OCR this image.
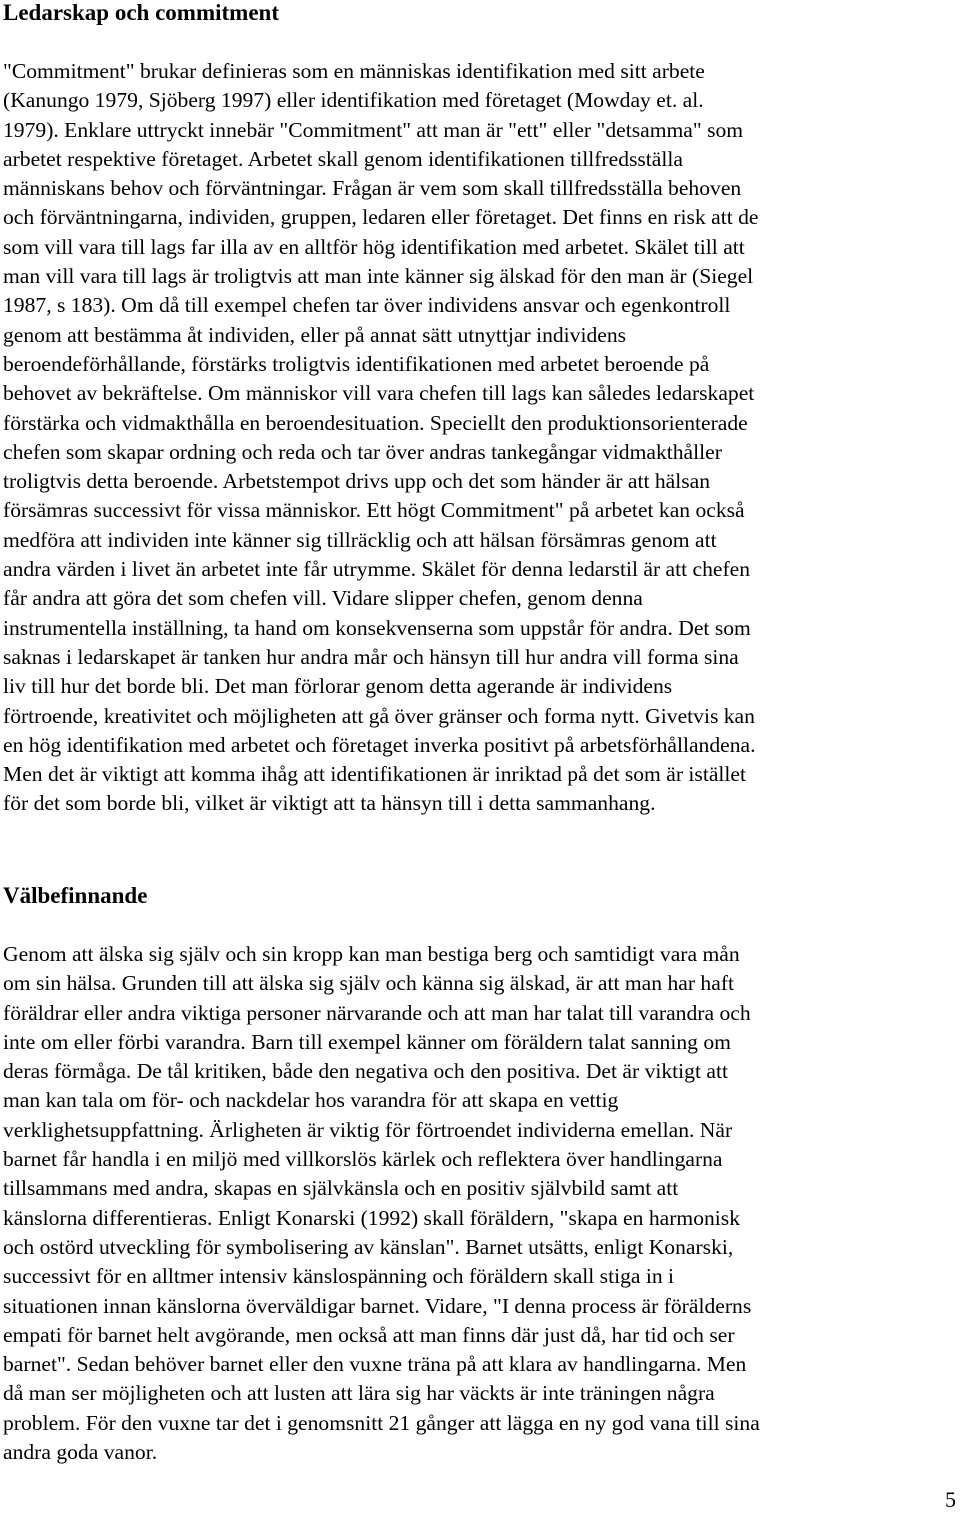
Ledarskap och commitment

"Commitment" brukar definieras som en människas identifikation med sitt arbete
(Kanungo 1979, Sjöberg 1997) eller identifikation med företaget (Mowday et. al.
1979). Enklare uttryckt innebär "Commitment" att man är "ett" eller "detsamma" som
arbetet respektive företaget. Arbetet skall genom identifikationen tillfredsställa
människans behov och förväntningar. Frågan är vem som skall tillfredsställa behoven
och förväntningarna, individen, gruppen, ledaren eller företaget. Det finns en risk att de
som vill vara till lags far illa av en alltför hög identifikation med arbetet. Skälet till att
man vill vara till lags är troligtvis att man inte känner sig älskad för den man är (Siegel
1987, s 183). Om då till exempel chefen tar över individens ansvar och egenkontroll
genom att bestämma åt individen, eller på annat sätt utnyttjar individens
beroendeförhållande, förstärks troligtvis identifikationen med arbetet beroende på
behovet av bekräftelse. Om människor vill vara chefen till lags kan således ledarskapet
förstärka och vidmakthålla en beroendesituation. Speciellt den produktionsorienterade
chefen som skapar ordning och reda och tar över andras tankegångar vidmakthåller
troligtvis detta beroende. Arbetstempot drivs upp och det som händer är att hälsan
försämras successivt för vissa människor. Ett högt Commitment" på arbetet kan också
medföra att individen inte känner sig tillräcklig och att hälsan försämras genom att
andra värden i livet än arbetet inte får utrymme. Skälet för denna ledarstil är att chefen
får andra att göra det som chefen vill. Vidare slipper chefen, genom denna
instrumentella inställning, ta hand om konsekvenserna som uppstår för andra. Det som
saknas i ledarskapet är tanken hur andra mår och hänsyn till hur andra vill forma sina
liv till hur det borde bli. Det man förlorar genom detta agerande är individens
förtroende, kreativitet och möjligheten att gå över gränser och forma nytt. Givetvis kan
en hög identifikation med arbetet och företaget inverka positivt på arbetsförhållandena.
Men det är viktigt att komma ihåg att identifikationen är inriktad på det som är istället
för det som borde bli, vilket är viktigt att ta hänsyn till i detta sammanhang.

Välbefinnande

Genom att älska sig själv och sin kropp kan man bestiga berg och samtidigt vara mån
om sin hälsa. Grunden till att älska sig själv och känna sig älskad, är att man har haft
föräldrar eller andra viktiga personer närvarande och att man har talat till varandra och
inte om eller förbi varandra. Barn till exempel känner om föräldern talat sanning om
deras förmåga. De tål kritiken, både den negativa och den positiva. Det är viktigt att
man kan tala om för- och nackdelar hos varandra för att skapa en vettig
verklighetsuppfattning. Ärligheten är viktig för förtroendet individerna emellan. När
barnet får handla i en miljö med villkorslös kärlek och reflektera över handlingarna
tillsammans med andra, skapas en självkänsla och en positiv självbild samt att
känslorna differentieras. Enligt Konarski (1992) skall föräldern, "skapa en harmonisk
och ostörd utveckling för symbolisering av känslan". Barnet utsätts, enligt Konarski,
successivt för en alltmer intensiv känslospänning och föräldern skall stiga in i
situationen innan känslorna överväldigar barnet. Vidare, "I denna process är förälderns
empati för barnet helt avgörande, men också att man finns där just då, har tid och ser
barnet". Sedan behöver barnet eller den vuxne träna på att klara av handlingarna. Men
då man ser möjligheten och att lusten att lära sig har väckts är inte träningen några
problem. För den vuxne tar det i genomsnitt 21 gånger att lägga en ny god vana till sina
andra goda vanor.

5
